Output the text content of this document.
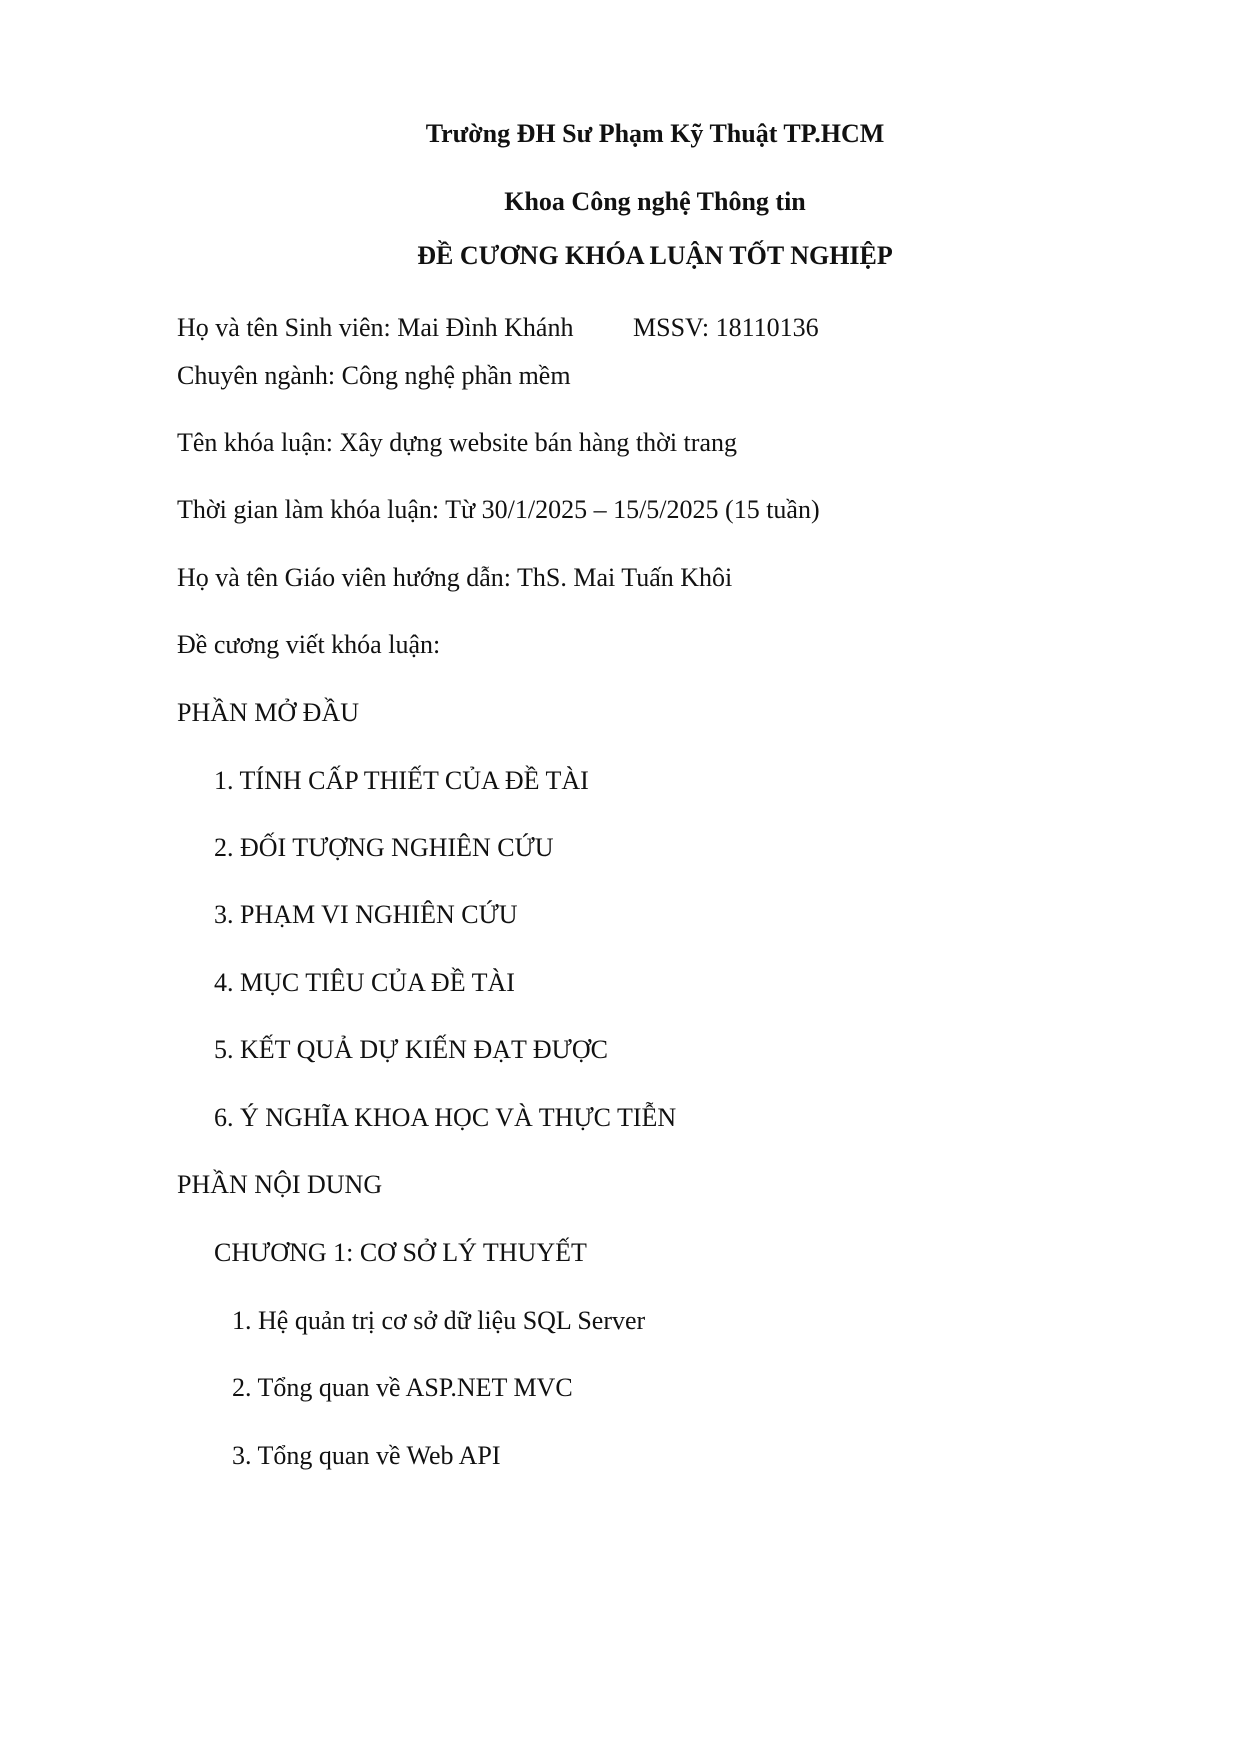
Trường ĐH Sư Phạm Kỹ Thuật TP.HCM
Khoa Công nghệ Thông tin
ĐỀ CƯƠNG KHÓA LUẬN TỐT NGHIỆP
Họ và tên Sinh viên: Mai Đình Khánh MSSV: 18110136
Chuyên ngành: Công nghệ phần mềm
Tên khóa luận: Xây dựng website bán hàng thời trang
Thời gian làm khóa luận: Từ 30/1/2025 – 15/5/2025 (15 tuần)
Họ và tên Giáo viên hướng dẫn: ThS. Mai Tuấn Khôi
Đề cương viết khóa luận:
PHẦN MỞ ĐẦU
1. TÍNH CẤP THIẾT CỦA ĐỀ TÀI
2. ĐỐI TƯỢNG NGHIÊN CỨU
3. PHẠM VI NGHIÊN CỨU
4. MỤC TIÊU CỦA ĐỀ TÀI
5. KẾT QUẢ DỰ KIẾN ĐẠT ĐƯỢC
6. Ý NGHĨA KHOA HỌC VÀ THỰC TIỄN
PHẦN NỘI DUNG
CHƯƠNG 1: CƠ SỞ LÝ THUYẾT
1. Hệ quản trị cơ sở dữ liệu SQL Server
2. Tổng quan về ASP.NET MVC
3. Tổng quan về Web API
